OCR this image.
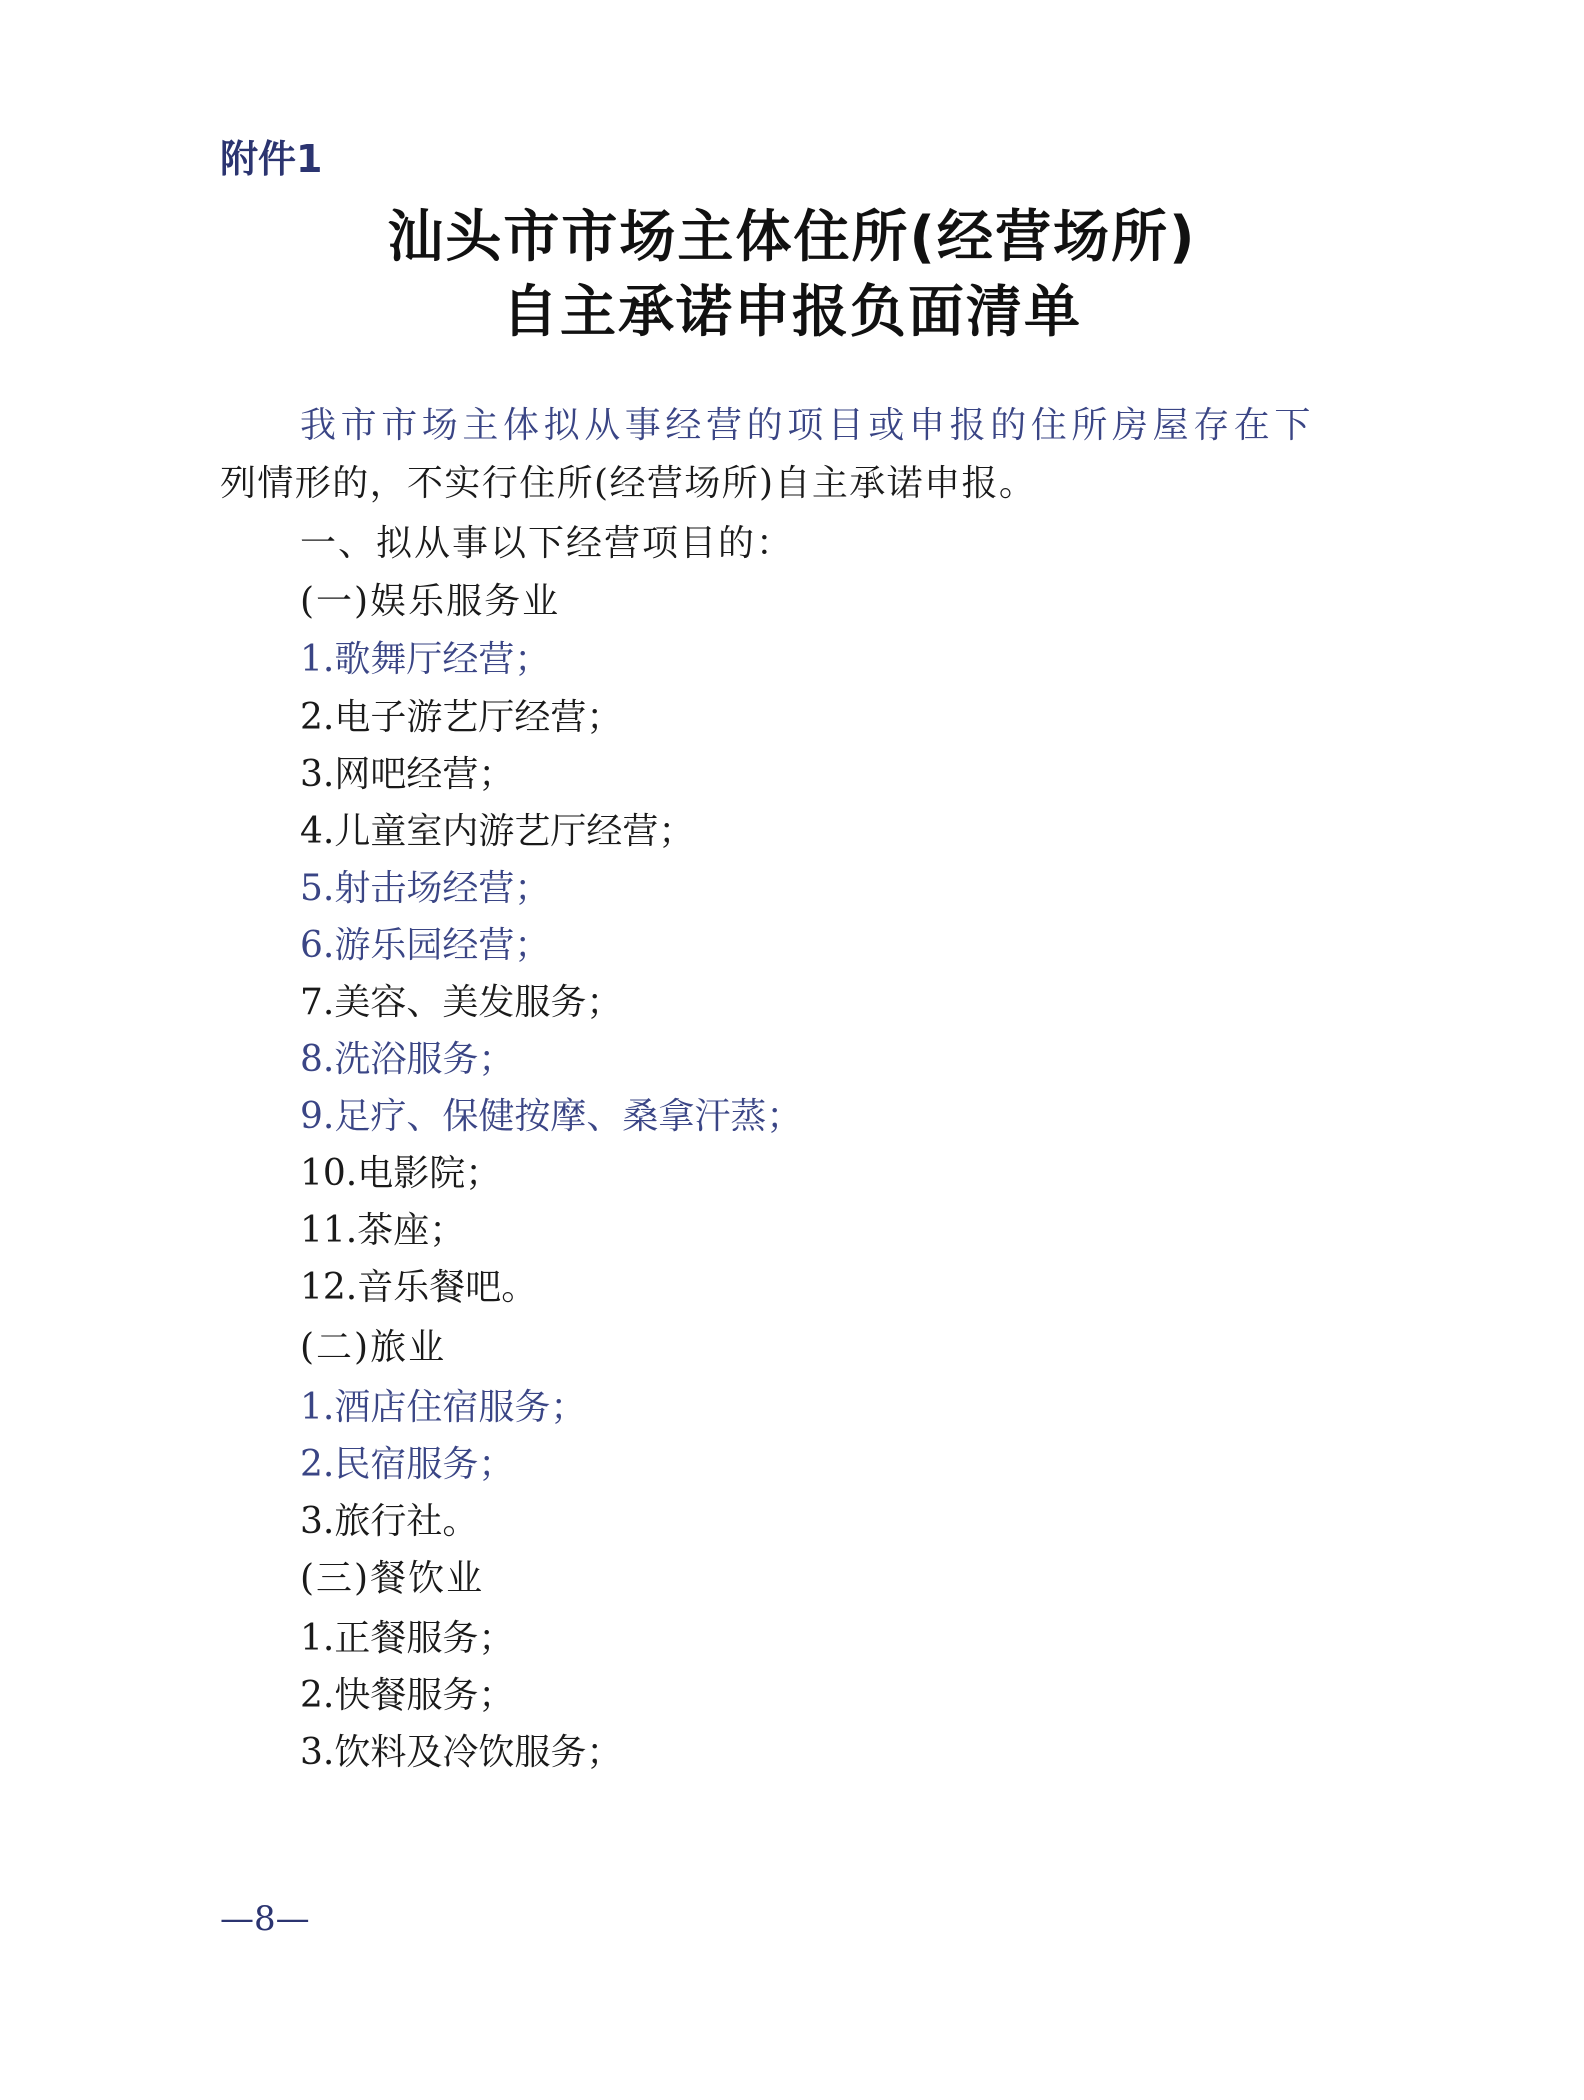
附件1
汕头市市场主体住所(经营场所)
自主承诺申报负面清单
我市市场主体拟从事经营的项目或申报的住所房屋存在下
列情形的，不实行住所(经营场所)自主承诺申报。
一、拟从事以下经营项目的：
(一)娱乐服务业
1.歌舞厅经营；
2.电子游艺厅经营；
3.网吧经营；
4.儿童室内游艺厅经营；
5.射击场经营；
6.游乐园经营；
7.美容、美发服务；
8.洗浴服务；
9.足疗、保健按摩、桑拿汗蒸；
10.电影院；
11.茶座；
12.音乐餐吧。
(二)旅业
1.酒店住宿服务；
2.民宿服务；
3.旅行社。
(三)餐饮业
1.正餐服务；
2.快餐服务；
3.饮料及冷饮服务；
—8—
